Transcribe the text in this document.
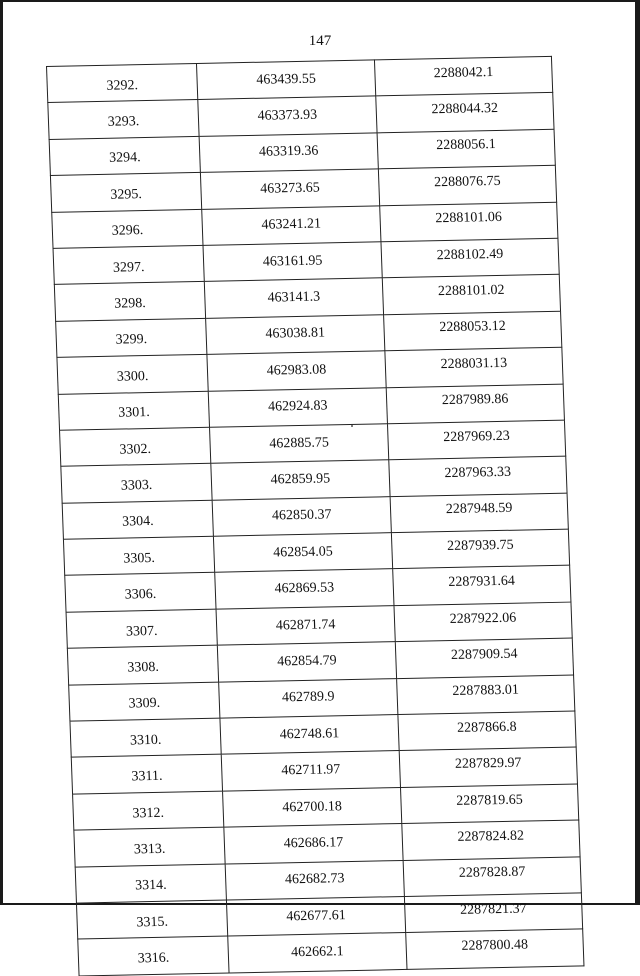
147
3292.	463439.55	2288042.1
3293.	463373.93	2288044.32
3294.	463319.36	2288056.1
3295.	463273.65	2288076.75
3296.	463241.21	2288101.06
3297.	463161.95	2288102.49
3298.	463141.3	2288101.02
3299.	463038.81	2288053.12
3300.	462983.08	2288031.13
3301.	462924.83	2287989.86
3302.	462885.75	2287969.23
3303.	462859.95	2287963.33
3304.	462850.37	2287948.59
3305.	462854.05	2287939.75
3306.	462869.53	2287931.64
3307.	462871.74	2287922.06
3308.	462854.79	2287909.54
3309.	462789.9	2287883.01
3310.	462748.61	2287866.8
3311.	462711.97	2287829.97
3312.	462700.18	2287819.65
3313.	462686.17	2287824.82
3314.	462682.73	2287828.87
3315.	462677.61	2287821.37
3316.	462662.1	2287800.48
